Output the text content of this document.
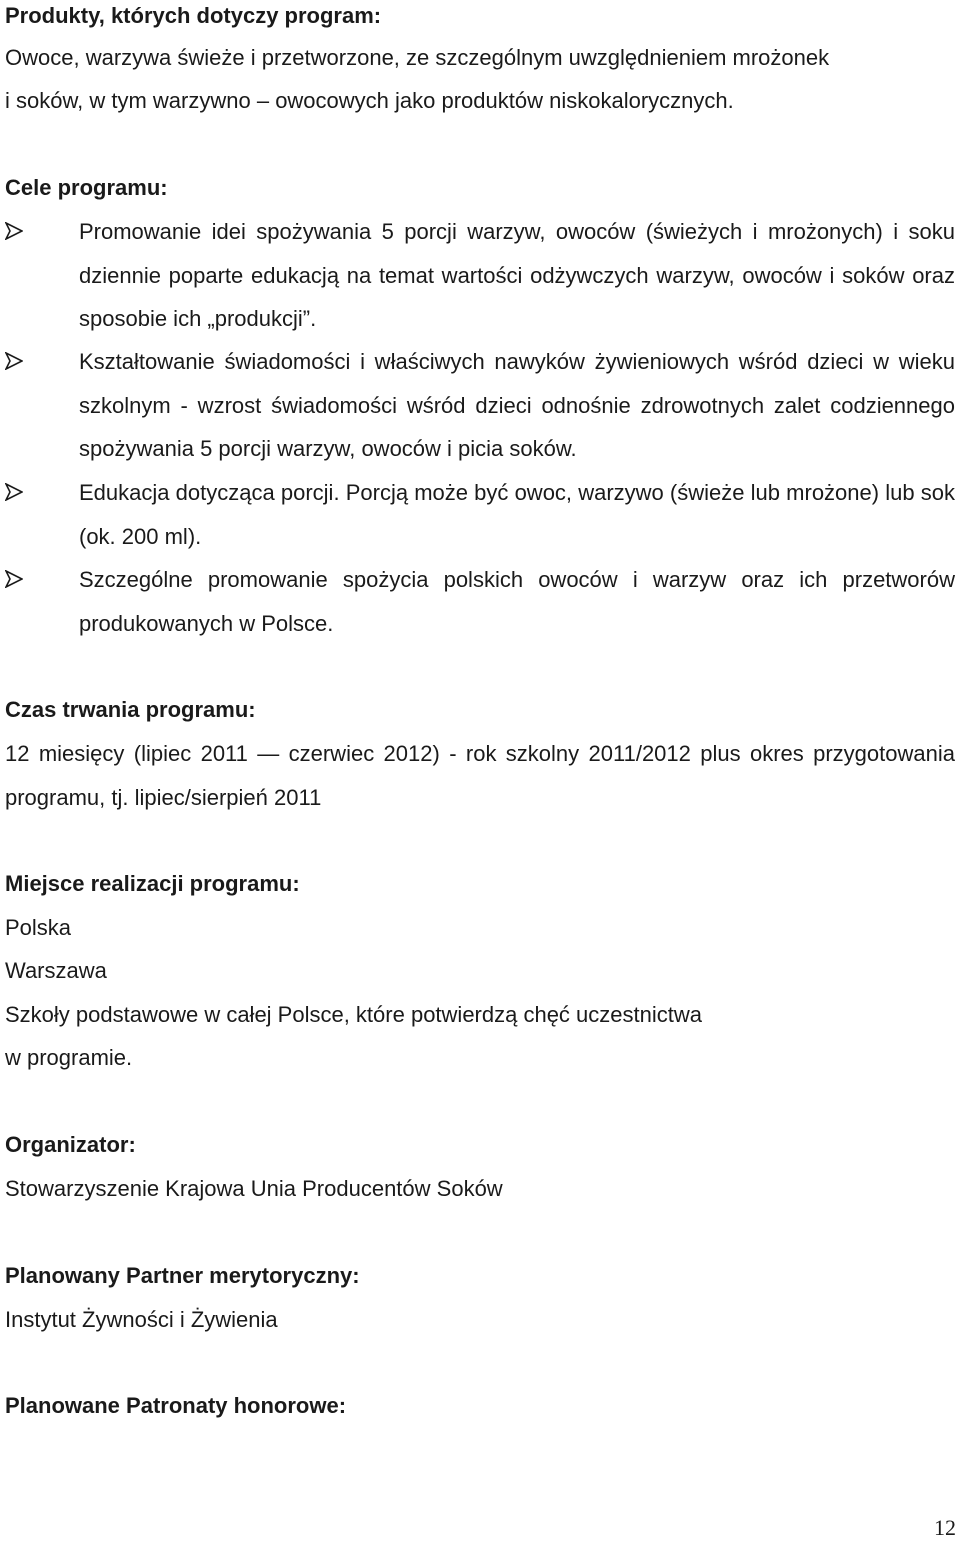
Produkty, których dotyczy program:

Owoce, warzywa świeże i przetworzone, ze szczególnym uwzględnieniem mrożonek

i soków, w tym warzywno – owocowych jako produktów niskokalorycznych.

Cele programu:

Promowanie idei spożywania 5 porcji warzyw, owoców (świeżych i mrożonych) i soku dziennie poparte edukacją na temat wartości odżywczych warzyw, owoców i soków oraz sposobie ich „produkcji”.
Kształtowanie świadomości i właściwych nawyków żywieniowych wśród dzieci w wieku szkolnym - wzrost świadomości wśród dzieci odnośnie zdrowotnych zalet codziennego spożywania 5 porcji warzyw, owoców i picia soków.
Edukacja dotycząca porcji. Porcją może być owoc, warzywo (świeże lub mrożone) lub sok (ok. 200 ml).
Szczególne promowanie spożycia polskich owoców i warzyw oraz ich przetworów produkowanych w Polsce.

Czas trwania programu:

12 miesięcy (lipiec 2011 — czerwiec 2012) - rok szkolny 2011/2012 plus okres przygotowania programu, tj. lipiec/sierpień 2011

Miejsce realizacji programu:

Polska

Warszawa

Szkoły podstawowe w całej Polsce, które potwierdzą chęć uczestnictwa

w programie.

Organizator:

Stowarzyszenie Krajowa Unia Producentów Soków

Planowany Partner merytoryczny:

Instytut Żywności i Żywienia

Planowane Patronaty honorowe:

12
